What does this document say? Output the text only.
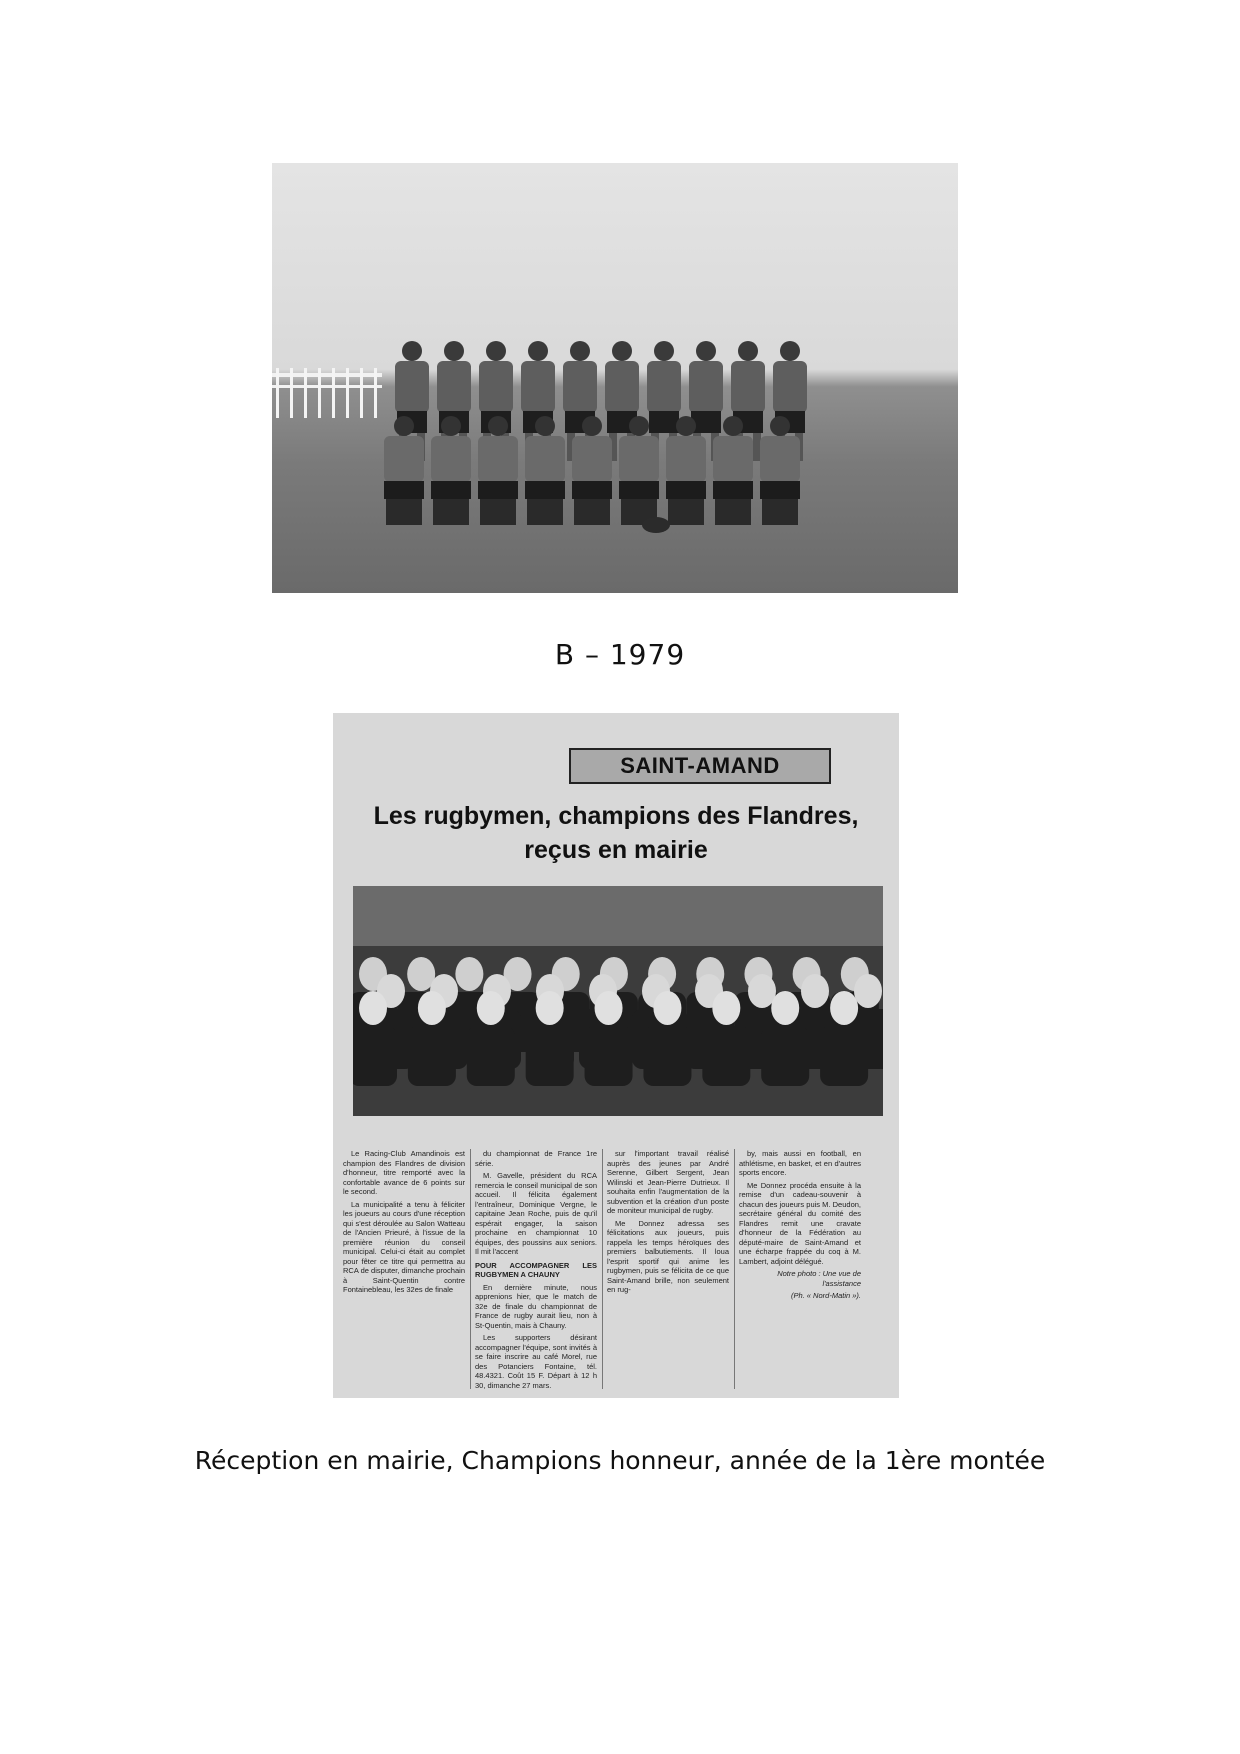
B – 1979
SAINT-AMAND
Les rugbymen, champions des Flandres,
reçus en mairie

Le Racing-Club Amandinois est champion des Flandres de division d'honneur, titre remporté avec la confortable avance de 6 points sur le second.

La municipalité a tenu à féliciter les joueurs au cours d'une réception qui s'est déroulée au Salon Watteau de l'Ancien Prieuré, à l'issue de la première réunion du conseil municipal. Celui-ci était au complet pour fêter ce titre qui permettra au RCA de disputer, dimanche prochain à Saint-Quentin contre Fontainebleau, les 32es de finale

du championnat de France 1re série.

M. Gavelle, président du RCA remercia le conseil municipal de son accueil. Il félicita également l'entraîneur, Dominique Vergne, le capitaine Jean Roche, puis de qu'il espérait engager, la saison prochaine en championnat 10 équipes, des poussins aux seniors. Il mit l'accent

POUR ACCOMPAGNER LES RUGBYMEN A CHAUNY

En dernière minute, nous apprenions hier, que le match de 32e de finale du championnat de France de rugby aurait lieu, non à St-Quentin, mais à Chauny.

Les supporters désirant accompagner l'équipe, sont invités à se faire inscrire au café Morel, rue des Potanciers Fontaine, tél. 48.4321. Coût 15 F. Départ à 12 h 30, dimanche 27 mars.

sur l'important travail réalisé auprès des jeunes par André Serenne, Gilbert Sergent, Jean Wilinski et Jean-Pierre Dutrieux. Il souhaita enfin l'augmentation de la subvention et la création d'un poste de moniteur municipal de rugby.

Me Donnez adressa ses félicitations aux joueurs, puis rappela les temps héroïques des premiers balbutiements. Il loua l'esprit sportif qui anime les rugbymen, puis se félicita de ce que Saint-Amand brille, non seulement en rug-

by, mais aussi en football, en athlétisme, en basket, et en d'autres sports encore.

Me Donnez procéda ensuite à la remise d'un cadeau-souvenir à chacun des joueurs puis M. Deudon, secrétaire général du comité des Flandres remit une cravate d'honneur de la Fédération au député-maire de Saint-Amand et une écharpe frappée du coq à M. Lambert, adjoint délégué.

Notre photo : Une vue de l'assistance

(Ph. « Nord-Matin »).

Réception en mairie, Champions honneur, année de la 1ère montée
